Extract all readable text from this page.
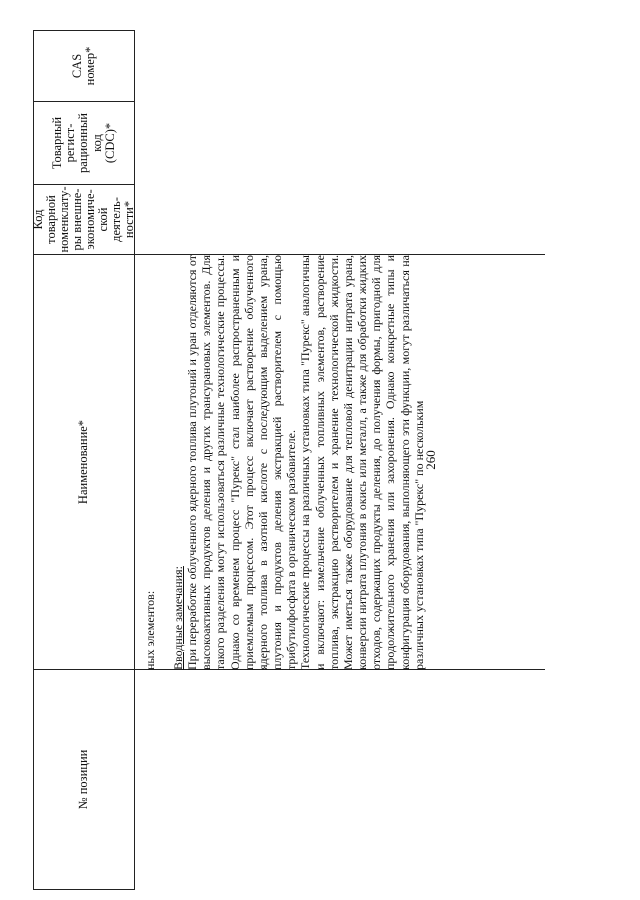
№ позиции
Наименование*
Код товарной
номенклату-
ры внешне-
экономиче-
ской деятель-
ности*
Товарный регист-
рационный код
(CDC)*
CAS номер*
ных элементов: Вводные замечания: При переработке облученного ядерного топлива плутоний и уран отделяются от высокоактивных продуктов деления и других трансурановых элементов. Для такого разделения могут использоваться различные технологические процессы. Однако со временем процесс "Пурекс" стал наиболее распространенным и приемлемым процессом. Этот процесс включает растворение облученного ядерного топлива в азотной кислоте с последующим выделением урана, плутония и продуктов деления экстракцией растворителем с помощью трибутилфосфата в органическом разбавителе. Технологические процессы на различных установках типа "Пурекс" аналогичны и включают: измельчение облученных топливных элементов, растворение топлива, экстракцию растворителем и хранение технологической жидкости. Может иметься также оборудование для тепловой денитрации нитрата урана, конверсии нитрата плутония в окись или металл, а также для обработки жидких отходов, содержащих продукты деления, до получения формы, пригодной для продолжительного хранения или захоронения. Однако конкретные типы и конфигурация оборудования, выполняющего эти функции, могут различаться на различных установках типа "Пурекс" по нескольким

260
